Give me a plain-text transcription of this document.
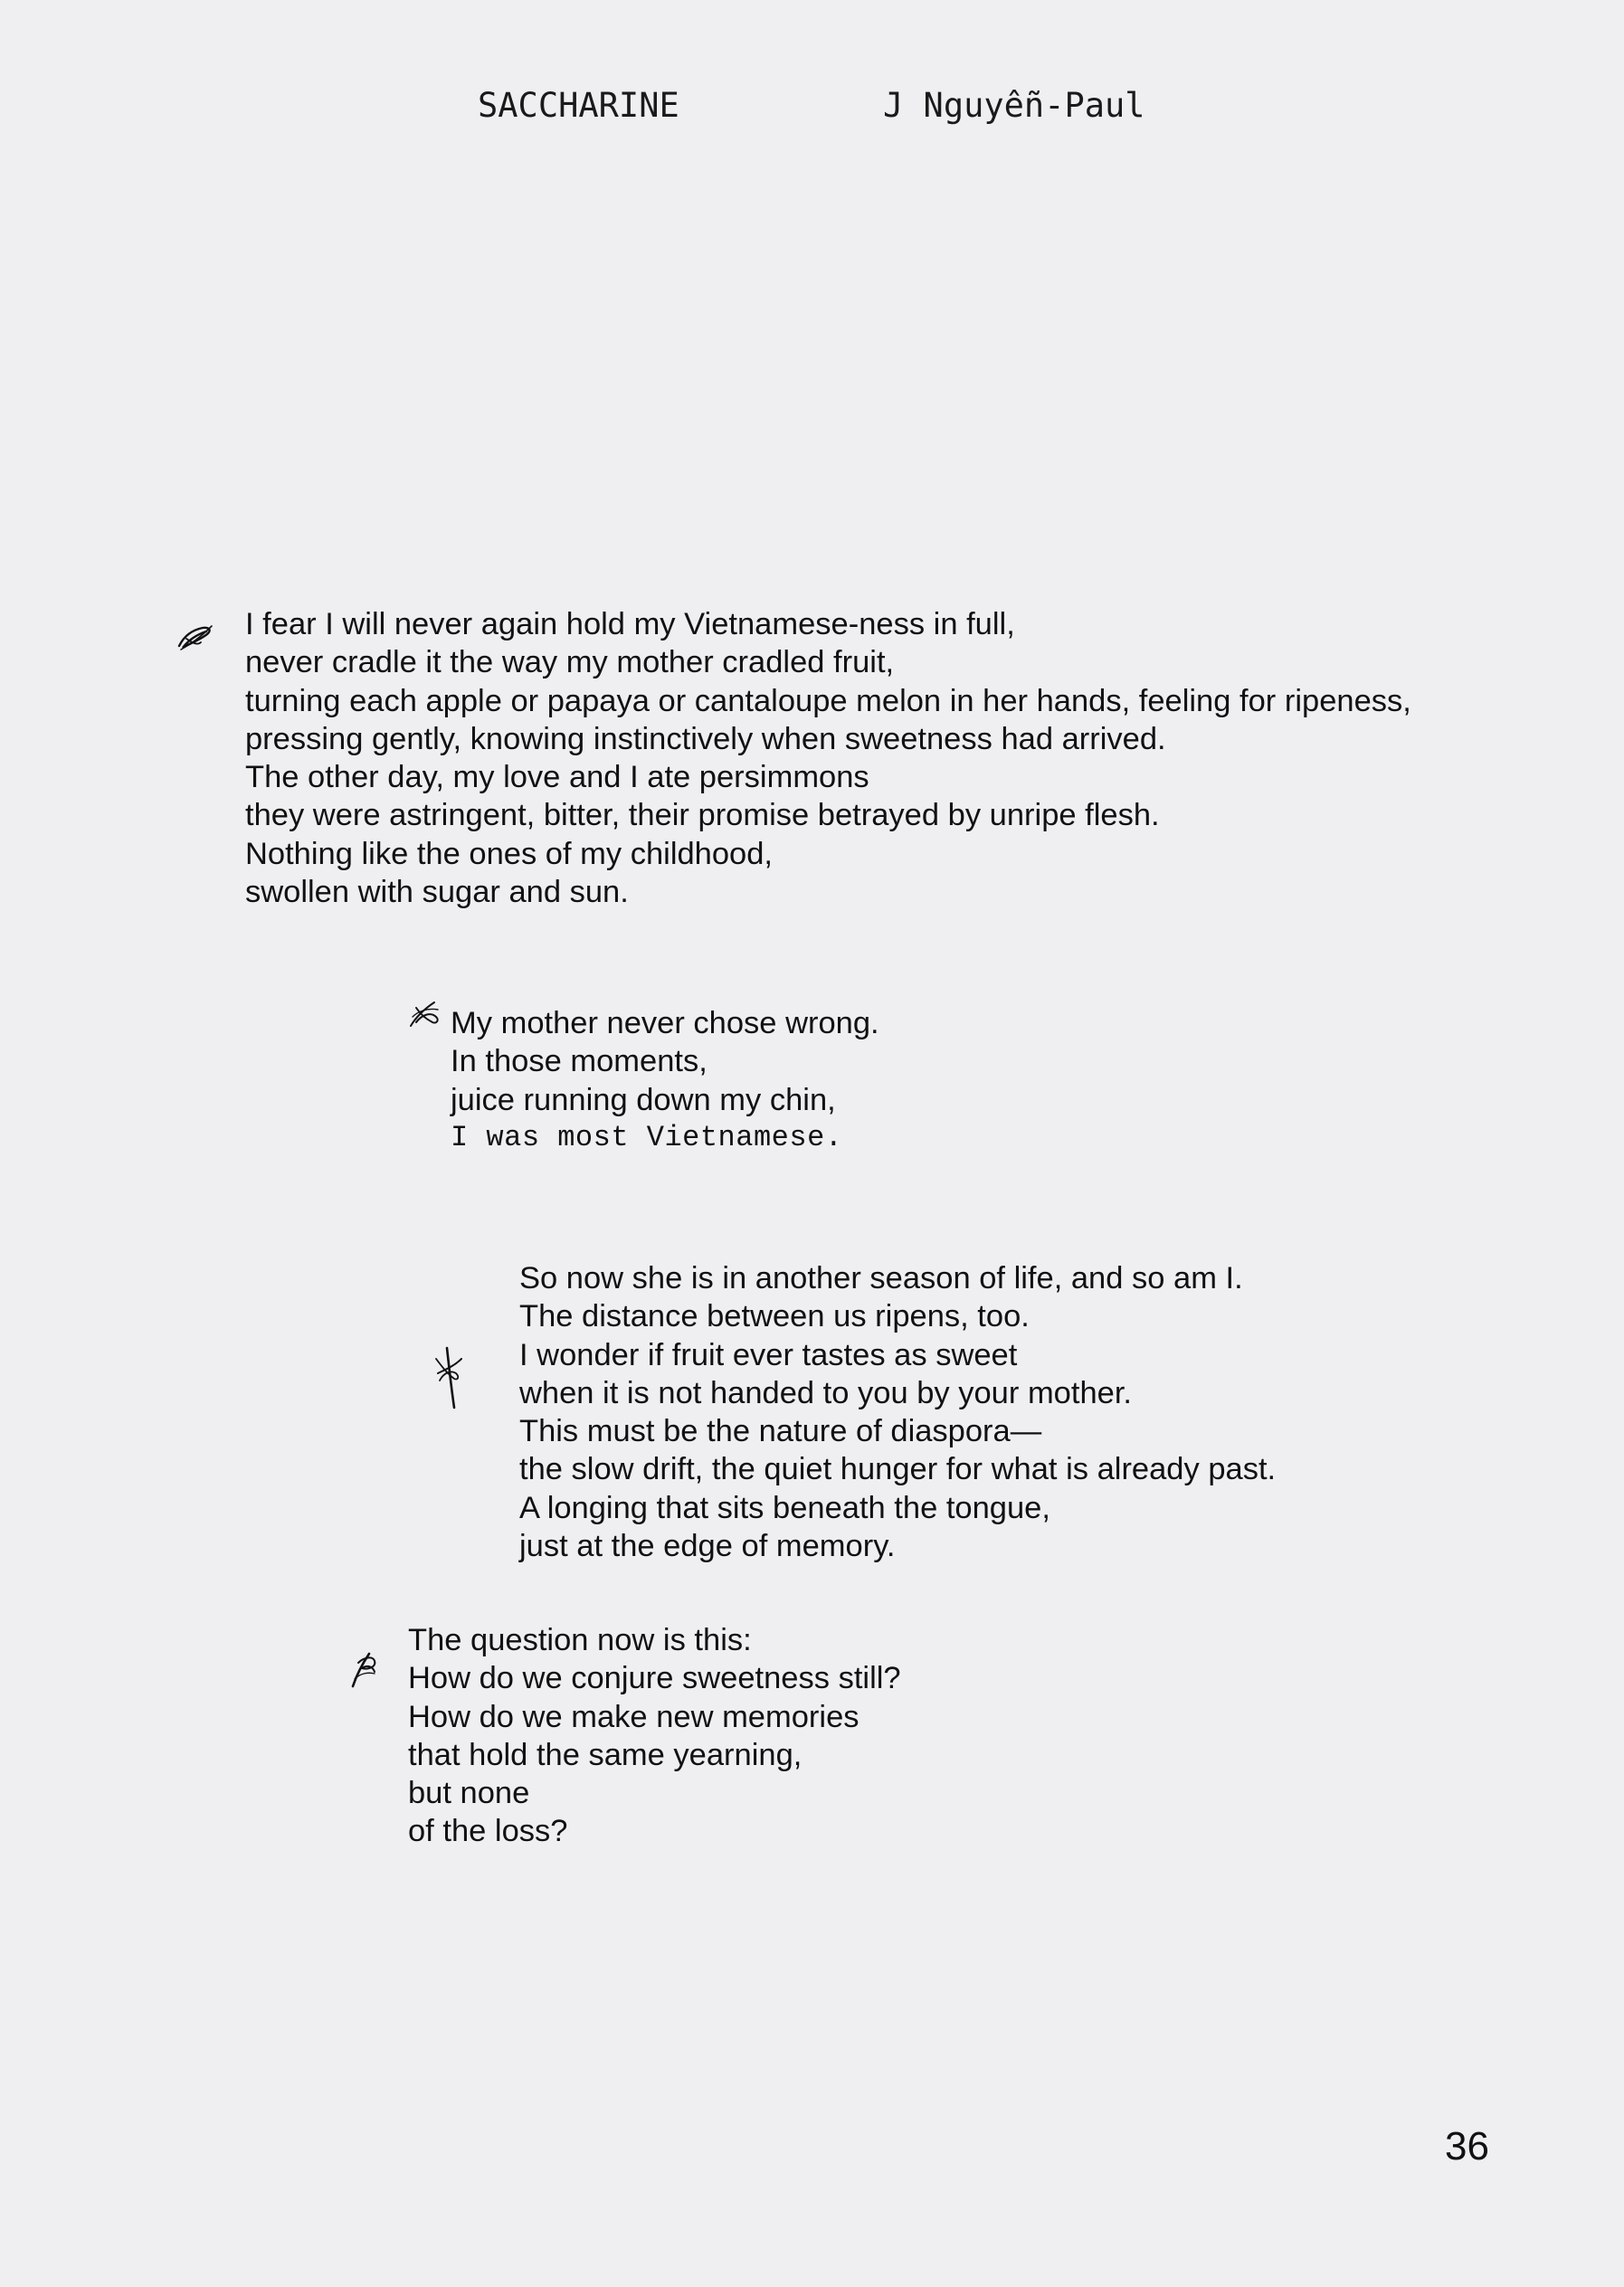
SACCHARINE	J Nguyễn-Paul
I fear I will never again hold my Vietnamese-ness in full,
never cradle it the way my mother cradled fruit,
turning each apple or papaya or cantaloupe melon in her hands, feeling for ripeness,
pressing gently, knowing instinctively when sweetness had arrived.
The other day, my love and I ate persimmons
they were astringent, bitter, their promise betrayed by unripe flesh.
Nothing like the ones of my childhood,
swollen with sugar and sun.
My mother never chose wrong.
In those moments,
juice running down my chin,
I was most Vietnamese.
So now she is in another season of life, and so am I.
The distance between us ripens, too.
I wonder if fruit ever tastes as sweet
when it is not handed to you by your mother.
This must be the nature of diaspora—
the slow drift, the quiet hunger for what is already past.
A longing that sits beneath the tongue,
just at the edge of memory.
The question now is this:
How do we conjure sweetness still?
How do we make new memories
that hold the same yearning,
but none
of the loss?
36
